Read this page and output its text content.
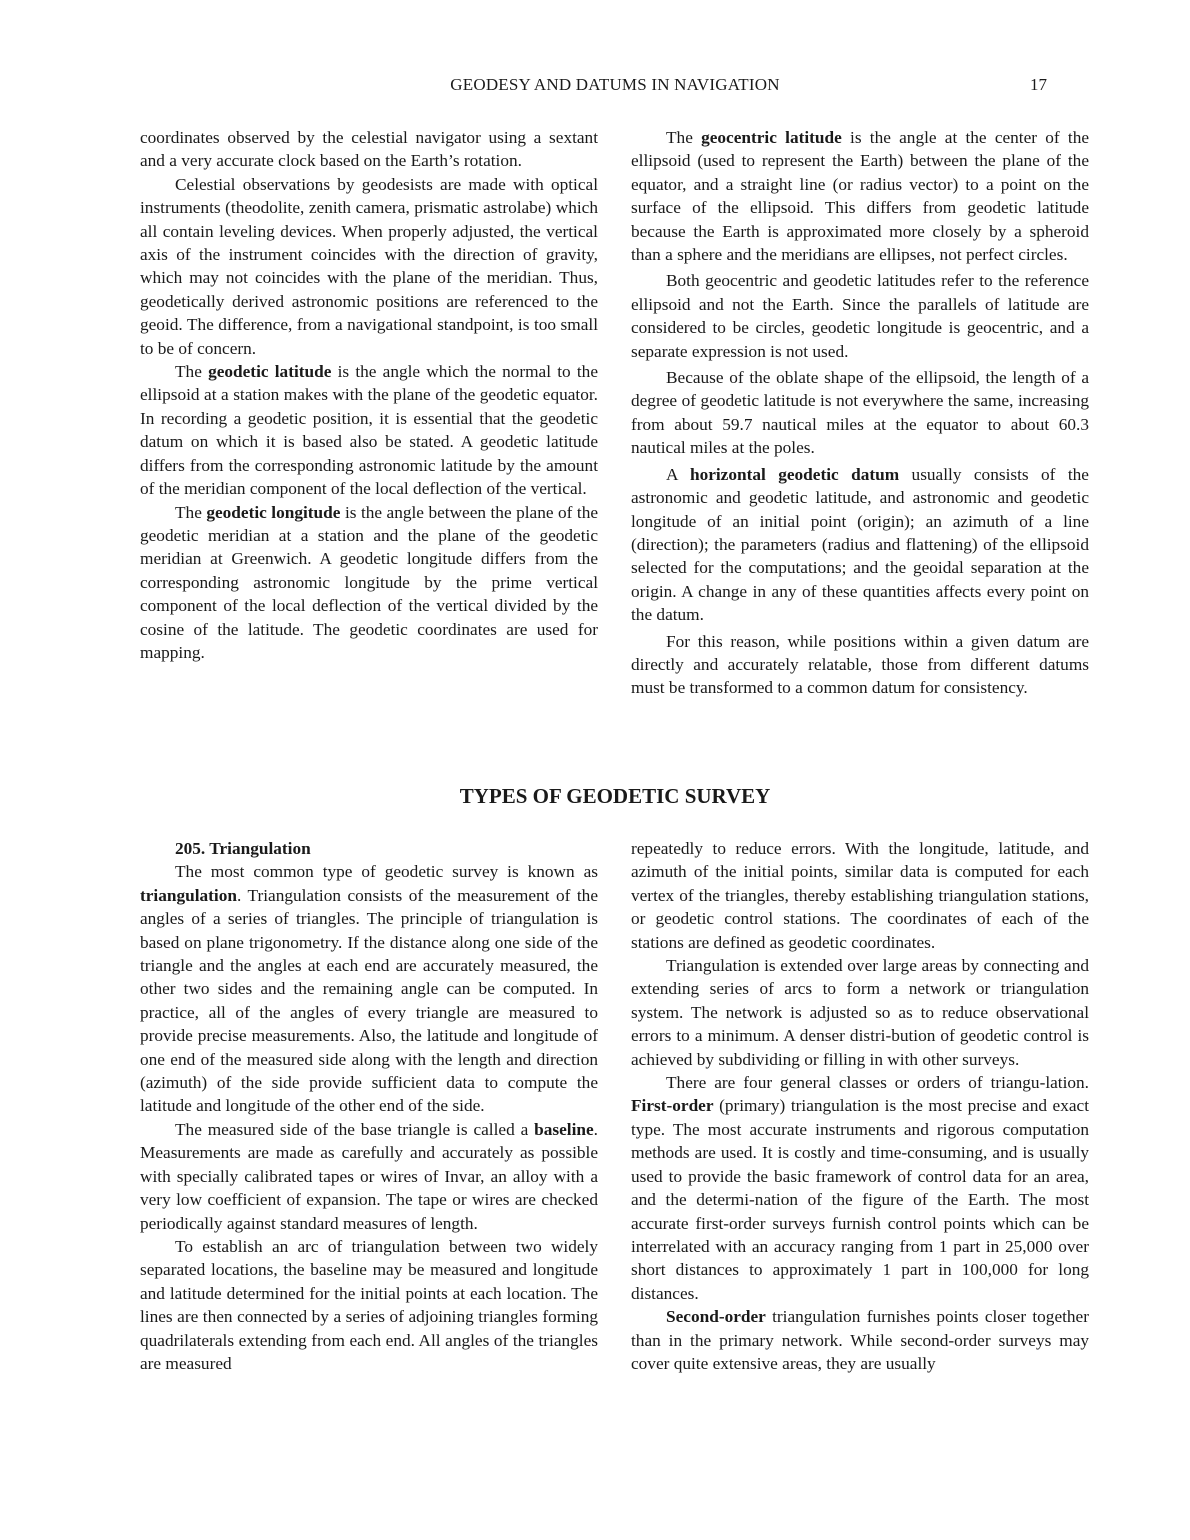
GEODESY AND DATUMS IN NAVIGATION	17

coordinates observed by the celestial navigator using a sextant and a very accurate clock based on the Earth’s rotation.

Celestial observations by geodesists are made with optical instruments (theodolite, zenith camera, prismatic astrolabe) which all contain leveling devices. When properly adjusted, the vertical axis of the instrument coincides with the direction of gravity, which may not coincides with the plane of the meridian. Thus, geodetically derived astronomic positions are referenced to the geoid. The difference, from a navigational standpoint, is too small to be of concern.

The geodetic latitude is the angle which the normal to the ellipsoid at a station makes with the plane of the geodetic equator. In recording a geodetic position, it is essential that the geodetic datum on which it is based also be stated. A geodetic latitude differs from the corresponding astronomic latitude by the amount of the meridian component of the local deflection of the vertical.

The geodetic longitude is the angle between the plane of the geodetic meridian at a station and the plane of the geodetic meridian at Greenwich. A geodetic longitude differs from the corresponding astronomic longitude by the prime vertical component of the local deflection of the vertical divided by the cosine of the latitude. The geodetic coordinates are used for mapping.

The geocentric latitude is the angle at the center of the ellipsoid (used to represent the Earth) between the plane of the equator, and a straight line (or radius vector) to a point on the surface of the ellipsoid. This differs from geodetic latitude because the Earth is approximated more closely by a spheroid than a sphere and the meridians are ellipses, not perfect circles.

Both geocentric and geodetic latitudes refer to the reference ellipsoid and not the Earth. Since the parallels of latitude are considered to be circles, geodetic longitude is geocentric, and a separate expression is not used.

Because of the oblate shape of the ellipsoid, the length of a degree of geodetic latitude is not everywhere the same, increasing from about 59.7 nautical miles at the equator to about 60.3 nautical miles at the poles.

A horizontal geodetic datum usually consists of the astronomic and geodetic latitude, and astronomic and geodetic longitude of an initial point (origin); an azimuth of a line (direction); the parameters (radius and flattening) of the ellipsoid selected for the computations; and the geoidal separation at the origin. A change in any of these quantities affects every point on the datum.

For this reason, while positions within a given datum are directly and accurately relatable, those from different datums must be transformed to a common datum for consistency.

TYPES OF GEODETIC SURVEY

205. Triangulation

The most common type of geodetic survey is known as triangulation. Triangulation consists of the measurement of the angles of a series of triangles. The principle of triangulation is based on plane trigonometry. If the distance along one side of the triangle and the angles at each end are accurately measured, the other two sides and the remaining angle can be computed. In practice, all of the angles of every triangle are measured to provide precise measurements. Also, the latitude and longitude of one end of the measured side along with the length and direction (azimuth) of the side provide sufficient data to compute the latitude and longitude of the other end of the side.

The measured side of the base triangle is called a baseline. Measurements are made as carefully and accurately as possible with specially calibrated tapes or wires of Invar, an alloy with a very low coefficient of expansion. The tape or wires are checked periodically against standard measures of length.

To establish an arc of triangulation between two widely separated locations, the baseline may be measured and longitude and latitude determined for the initial points at each location. The lines are then connected by a series of adjoining triangles forming quadrilaterals extending from each end. All angles of the triangles are measured

repeatedly to reduce errors. With the longitude, latitude, and azimuth of the initial points, similar data is computed for each vertex of the triangles, thereby establishing triangulation stations, or geodetic control stations. The coordinates of each of the stations are defined as geodetic coordinates.

Triangulation is extended over large areas by connecting and extending series of arcs to form a network or triangulation system. The network is adjusted so as to reduce observational errors to a minimum. A denser distri-bution of geodetic control is achieved by subdividing or filling in with other surveys.

There are four general classes or orders of triangu-lation. First-order (primary) triangulation is the most precise and exact type. The most accurate instruments and rigorous computation methods are used. It is costly and time-consuming, and is usually used to provide the basic framework of control data for an area, and the determi-nation of the figure of the Earth. The most accurate first-order surveys furnish control points which can be interrelated with an accuracy ranging from 1 part in 25,000 over short distances to approximately 1 part in 100,000 for long distances.

Second-order triangulation furnishes points closer together than in the primary network. While second-order surveys may cover quite extensive areas, they are usually
